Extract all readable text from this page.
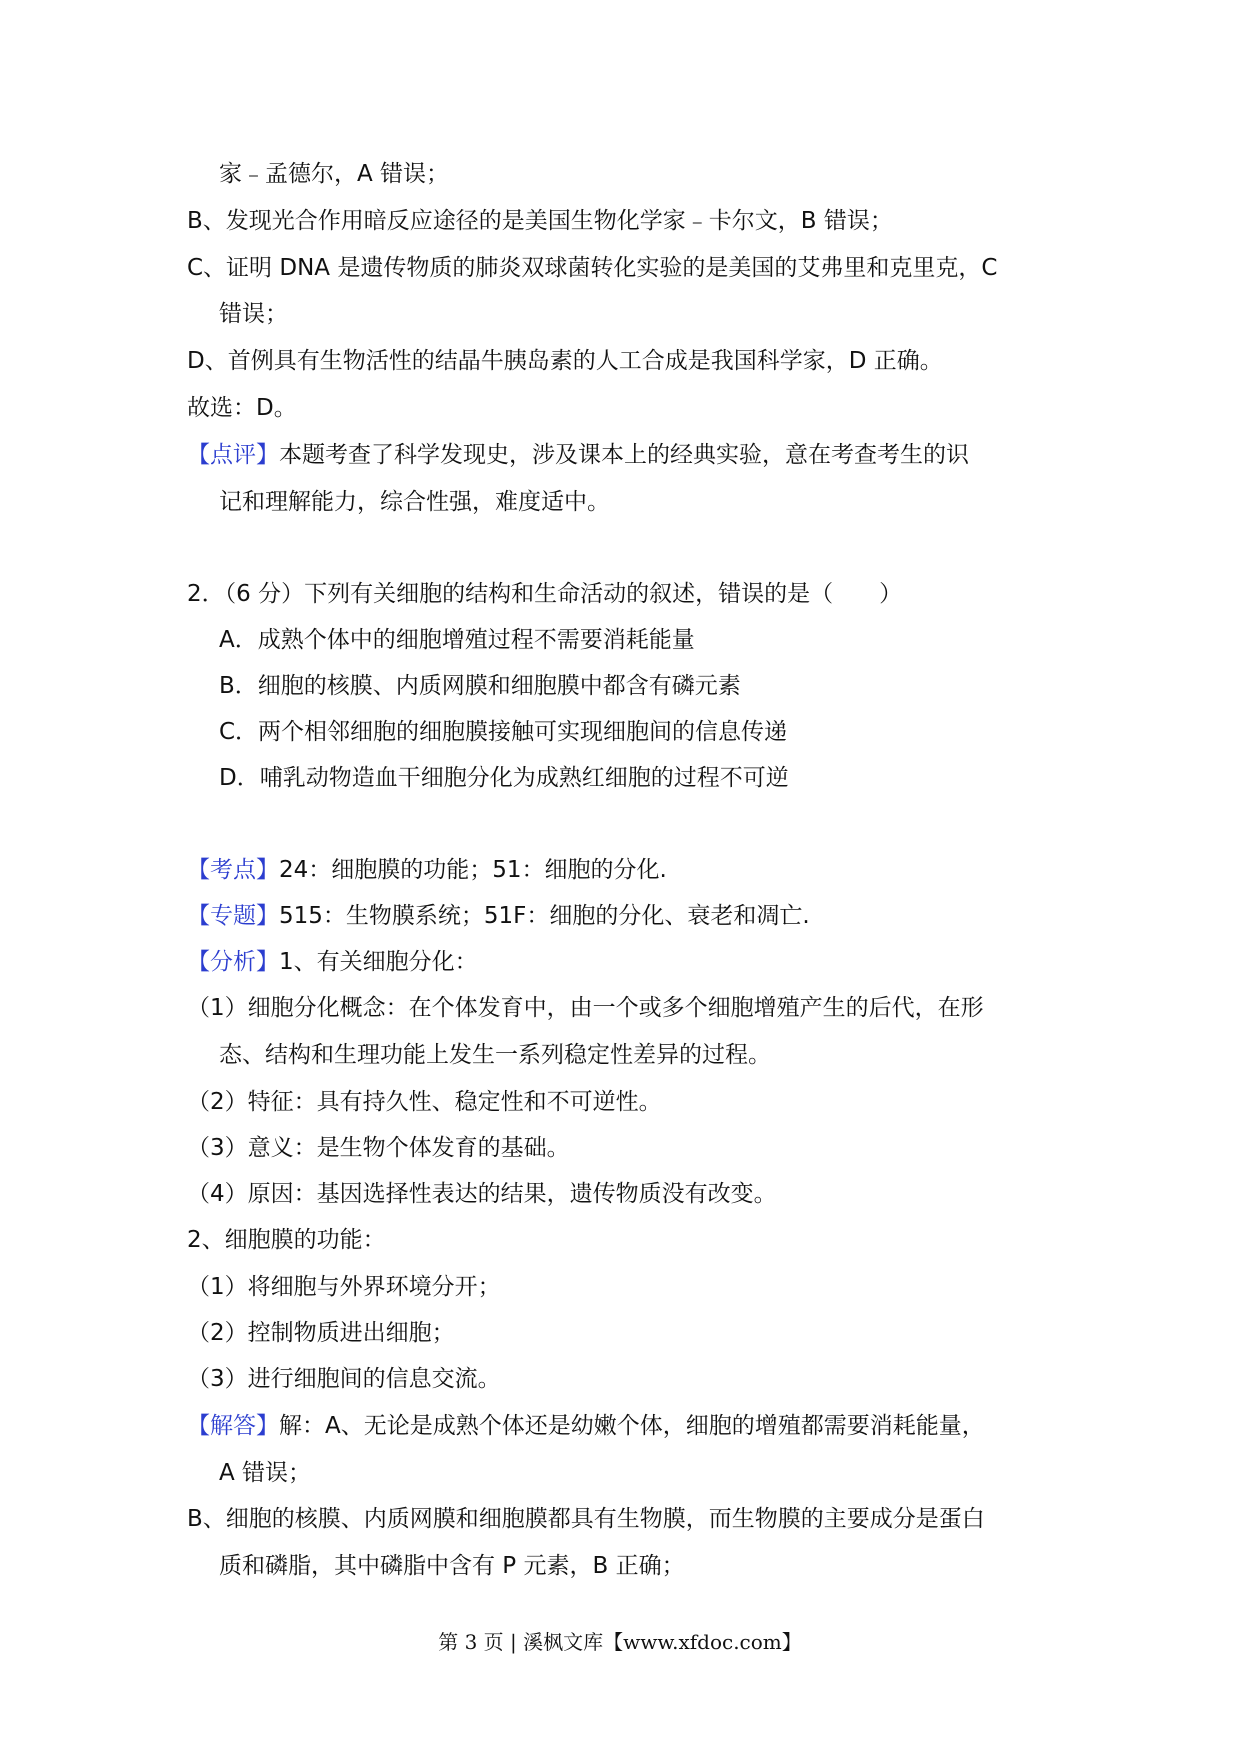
家﹣孟德尔，A 错误；
B、发现光合作用暗反应途径的是美国生物化学家﹣卡尔文，B 错误；
C、证明 DNA 是遗传物质的肺炎双球菌转化实验的是美国的艾弗里和克里克，C
错误；
D、首例具有生物活性的结晶牛胰岛素的人工合成是我国科学家，D 正确。
故选：D。
【点评】本题考查了科学发现史，涉及课本上的经典实验，意在考查考生的识
记和理解能力，综合性强，难度适中。
2．（6 分）下列有关细胞的结构和生命活动的叙述，错误的是（　　）
A．成熟个体中的细胞增殖过程不需要消耗能量
B．细胞的核膜、内质网膜和细胞膜中都含有磷元素
C．两个相邻细胞的细胞膜接触可实现细胞间的信息传递
D．哺乳动物造血干细胞分化为成熟红细胞的过程不可逆
【考点】24：细胞膜的功能；51：细胞的分化.
【专题】515：生物膜系统；51F：细胞的分化、衰老和凋亡.
【分析】1、有关细胞分化：
（1）细胞分化概念：在个体发育中，由一个或多个细胞增殖产生的后代，在形
态、结构和生理功能上发生一系列稳定性差异的过程。
（2）特征：具有持久性、稳定性和不可逆性。
（3）意义：是生物个体发育的基础。
（4）原因：基因选择性表达的结果，遗传物质没有改变。
2、细胞膜的功能：
（1）将细胞与外界环境分开；
（2）控制物质进出细胞；
（3）进行细胞间的信息交流。
【解答】解：A、无论是成熟个体还是幼嫩个体，细胞的增殖都需要消耗能量，
A 错误；
B、细胞的核膜、内质网膜和细胞膜都具有生物膜，而生物膜的主要成分是蛋白
质和磷脂，其中磷脂中含有 P 元素，B 正确；
第 3 页 | 溪枫文库【www.xfdoc.com】
